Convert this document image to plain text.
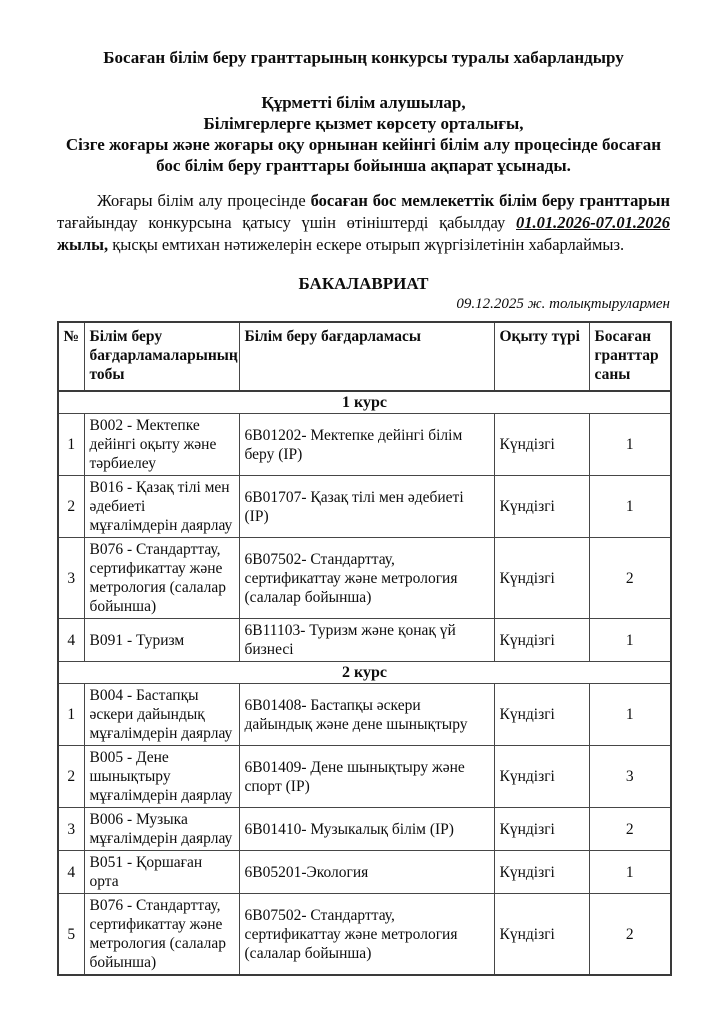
Босаған білім беру гранттарының конкурсы туралы хабарландыру

Құрметті білім алушылар,

Білімгерлерге қызмет көрсету орталығы,

Сізге жоғары және жоғары оқу орнынан кейінгі білім алу процесінде босаған бос білім беру гранттары бойынша ақпарат ұсынады.

Жоғары білім алу процесінде босаған бос мемлекеттік білім беру гранттарын тағайындау конкурсына қатысу үшін өтініштерді қабылдау 01.01.2026-07.01.2026 жылы, қысқы емтихан нәтижелерін ескере отырып жүргізілетінін хабарлаймыз.

БАКАЛАВРИАТ

09.12.2025 ж. толықтырулармен

№	Білім беру бағдарламаларының тобы	Білім беру бағдарламасы	Оқыту түрі	Босаған гранттар саны
1 курс				
1	B002 - Мектепке дейінгі оқыту және тәрбиелеу	6B01202- Мектепке дейінгі білім беру (IP)	Күндізгі	1
2	B016 - Қазақ тілі мен әдебиеті мұғалімдерін даярлау	6B01707- Қазақ тілі мен әдебиеті (IP)	Күндізгі	1
3	B076 - Стандарттау, сертификаттау және метрология (салалар бойынша)	6B07502- Стандарттау, сертификаттау және метрология (салалар бойынша)	Күндізгі	2
4	B091 - Туризм	6B11103- Туризм және қонақ үй бизнесі	Күндізгі	1
2 курс				
1	B004 - Бастапқы әскери дайындық мұғалімдерін даярлау	6B01408- Бастапқы әскери дайындық және дене шынықтыру	Күндізгі	1
2	B005 - Дене шынықтыру мұғалімдерін даярлау	6B01409- Дене шынықтыру және спорт (IP)	Күндізгі	3
3	B006 - Музыка мұғалімдерін даярлау	6B01410- Музыкалық білім (IP)	Күндізгі	2
4	B051 - Қоршаған орта	6B05201-Экология	Күндізгі	1
5	B076 - Стандарттау, сертификаттау және метрология (салалар бойынша)	6B07502- Стандарттау, сертификаттау және метрология (салалар бойынша)	Күндізгі	2
